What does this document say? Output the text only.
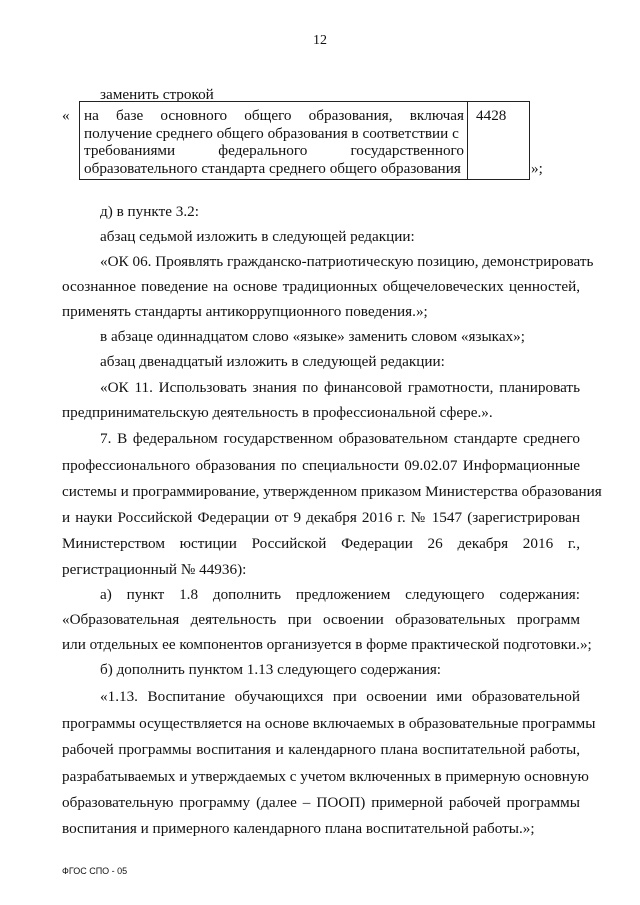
12
заменить строкой
« на базе основного общего образования, включая
получение среднего общего образования в соответствии с
требованиями федерального государственного
образовательного стандарта среднего общего образования
4428
»;
д) в пункте 3.2:
абзац седьмой изложить в следующей редакции:
«ОК 06. Проявлять гражданско-патриотическую позицию, демонстрировать
осознанное поведение на основе традиционных общечеловеческих ценностей,
применять стандарты антикоррупционного поведения.»;
в абзаце одиннадцатом слово «языке» заменить словом «языках»;
абзац двенадцатый изложить в следующей редакции:
«ОК 11. Использовать знания по финансовой грамотности, планировать
предпринимательскую деятельность в профессиональной сфере.».
7. В федеральном государственном образовательном стандарте среднего
профессионального образования по специальности 09.02.07 Информационные
системы и программирование, утвержденном приказом Министерства образования
и науки Российской Федерации от 9 декабря 2016 г. № 1547 (зарегистрирован
Министерством юстиции Российской Федерации 26 декабря 2016 г.,
регистрационный № 44936):
а) пункт 1.8 дополнить предложением следующего содержания:
«Образовательная деятельность при освоении образовательных программ
или отдельных ее компонентов организуется в форме практической подготовки.»;
б) дополнить пунктом 1.13 следующего содержания:
«1.13. Воспитание обучающихся при освоении ими образовательной
программы осуществляется на основе включаемых в образовательные программы
рабочей программы воспитания и календарного плана воспитательной работы,
разрабатываемых и утверждаемых с учетом включенных в примерную основную
образовательную программу (далее – ПООП) примерной рабочей программы
воспитания и примерного календарного плана воспитательной работы.»;
ФГОС СПО - 05
